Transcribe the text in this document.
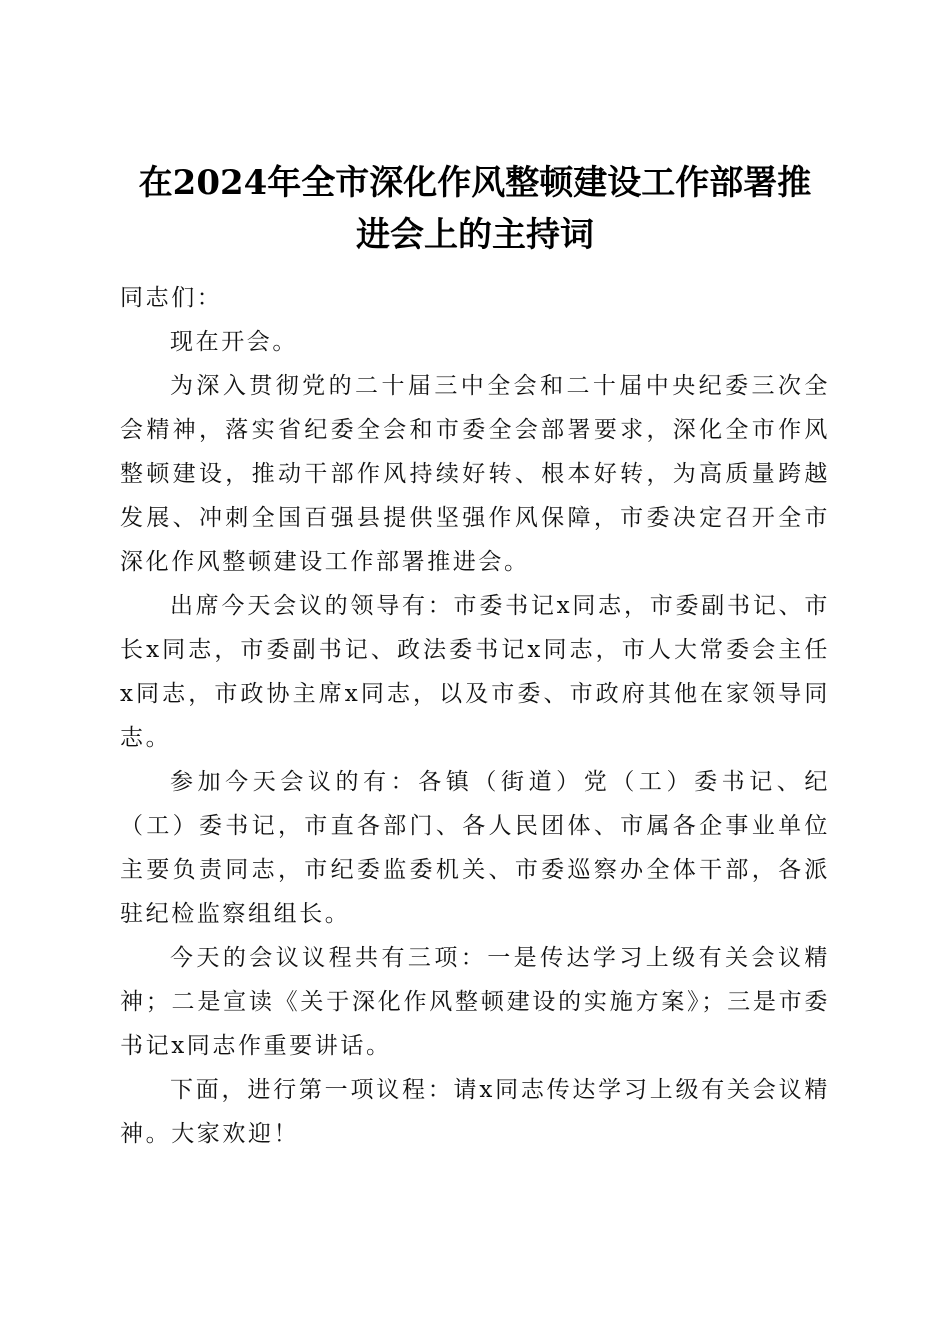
在2024年全市深化作风整顿建设工作部署推
进会上的主持词

同志们：

现在开会。

为深入贯彻党的二十届三中全会和二十届中央纪委三次全会精神，落实省纪委全会和市委全会部署要求，深化全市作风整顿建设，推动干部作风持续好转、根本好转，为高质量跨越发展、冲刺全国百强县提供坚强作风保障，市委决定召开全市深化作风整顿建设工作部署推进会。

出席今天会议的领导有：市委书记x同志，市委副书记、市长x同志，市委副书记、政法委书记x同志，市人大常委会主任x同志，市政协主席x同志，以及市委、市政府其他在家领导同志。

参加今天会议的有：各镇（街道）党（工）委书记、纪（工）委书记，市直各部门、各人民团体、市属各企事业单位主要负责同志，市纪委监委机关、市委巡察办全体干部，各派驻纪检监察组组长。

今天的会议议程共有三项：一是传达学习上级有关会议精神；二是宣读《关于深化作风整顿建设的实施方案》；三是市委书记x同志作重要讲话。

下面，进行第一项议程：请x同志传达学习上级有关会议精神。大家欢迎！
